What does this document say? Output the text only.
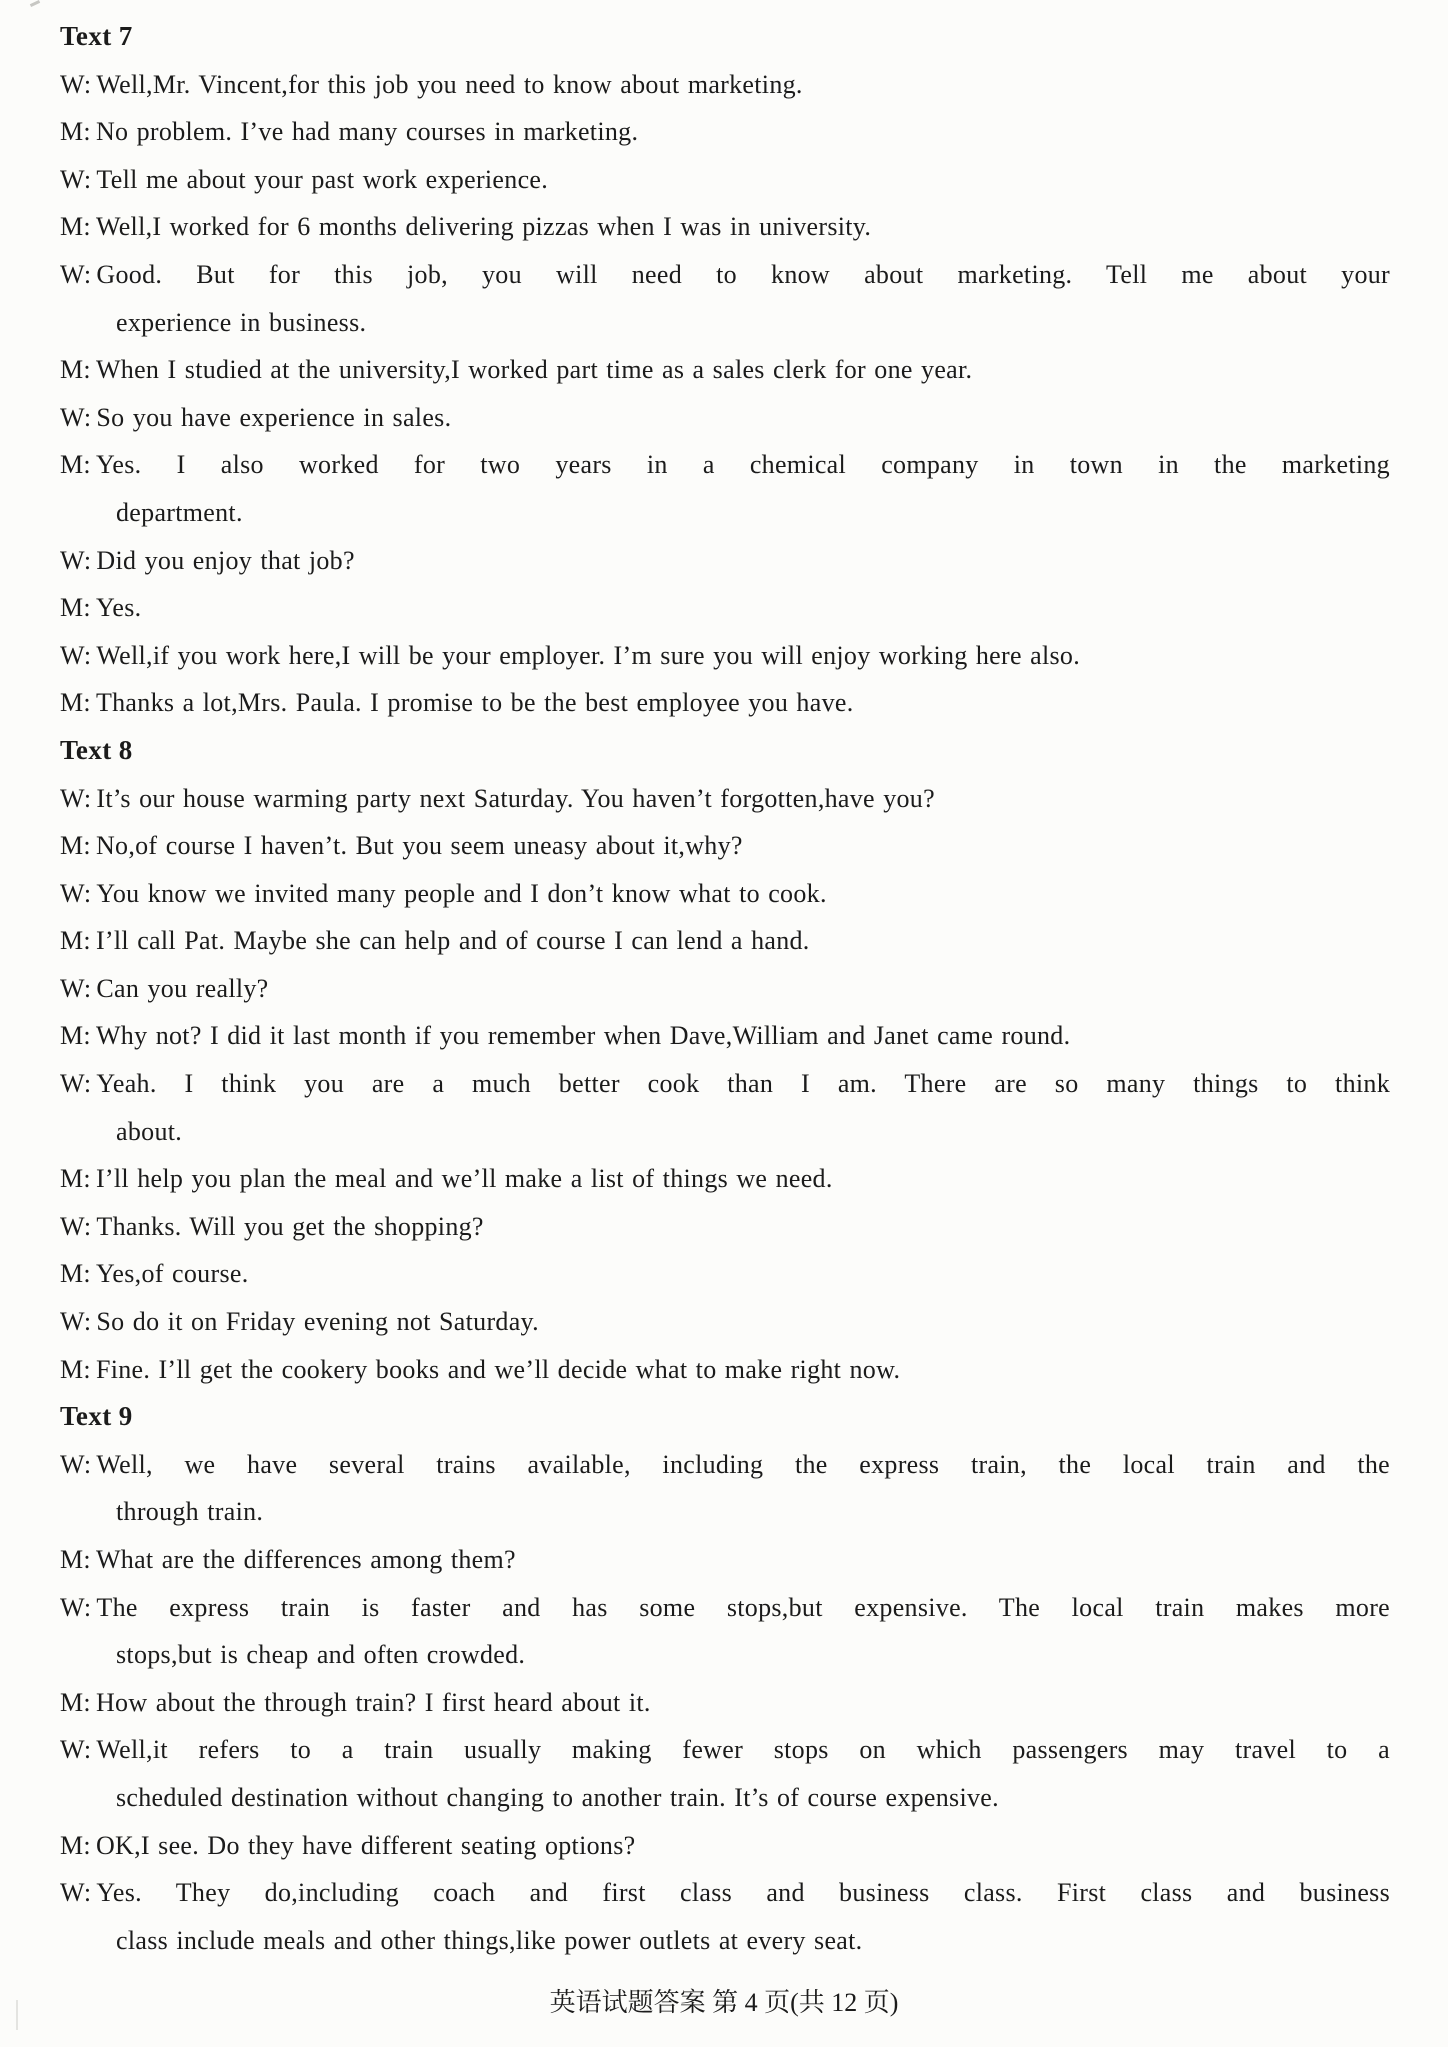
Text 7

W: Well,Mr. Vincent,for this job you need to know about marketing.

M: No problem. I’ve had many courses in marketing.

W: Tell me about your past work experience.

M: Well,I worked for 6 months delivering pizzas when I was in university.

W: Good. But for this job, you will need to know about marketing. Tell me about your
experience in business.

M: When I studied at the university,I worked part time as a sales clerk for one year.

W: So you have experience in sales.

M: Yes. I also worked for two years in a chemical company in town in the marketing
department.

W: Did you enjoy that job?

M: Yes.

W: Well,if you work here,I will be your employer. I’m sure you will enjoy working here also.

M: Thanks a lot,Mrs. Paula. I promise to be the best employee you have.

Text 8

W: It’s our house warming party next Saturday. You haven’t forgotten,have you?

M: No,of course I haven’t. But you seem uneasy about it,why?

W: You know we invited many people and I don’t know what to cook.

M: I’ll call Pat. Maybe she can help and of course I can lend a hand.

W: Can you really?

M: Why not? I did it last month if you remember when Dave,William and Janet came round.

W: Yeah. I think you are a much better cook than I am. There are so many things to think
about.

M: I’ll help you plan the meal and we’ll make a list of things we need.

W: Thanks. Will you get the shopping?

M: Yes,of course.

W: So do it on Friday evening not Saturday.

M: Fine. I’ll get the cookery books and we’ll decide what to make right now.

Text 9

W: Well, we have several trains available, including the express train, the local train and the
through train.

M: What are the differences among them?

W: The express train is faster and has some stops,but expensive. The local train makes more
stops,but is cheap and often crowded.

M: How about the through train? I first heard about it.

W: Well,it refers to a train usually making fewer stops on which passengers may travel to a
scheduled destination without changing to another train. It’s of course expensive.

M: OK,I see. Do they have different seating options?

W: Yes. They do,including coach and first class and business class. First class and business
class include meals and other things,like power outlets at every seat.

英语试题答案 第 4 页(共 12 页)
